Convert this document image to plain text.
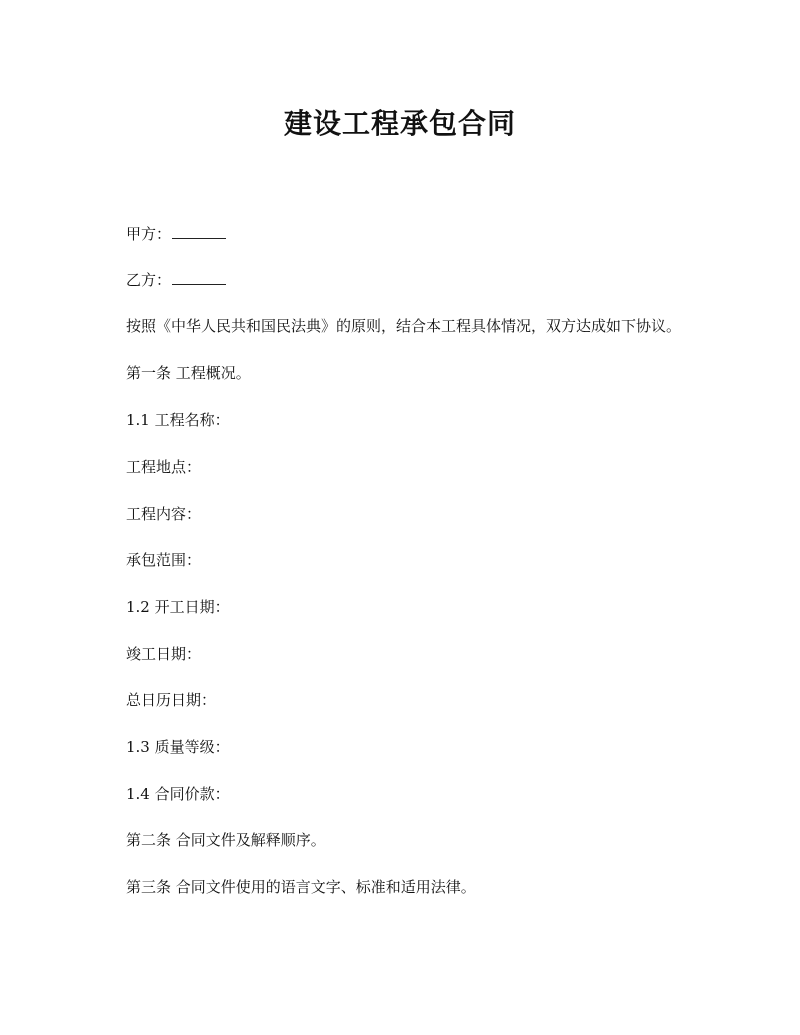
建设工程承包合同
甲方：
乙方：
按照《中华人民共和国民法典》的原则，结合本工程具体情况，双方达成如下协议。
第一条 工程概况。
1.1 工程名称：
工程地点：
工程内容：
承包范围：
1.2 开工日期：
竣工日期：
总日历日期：
1.3 质量等级：
1.4 合同价款：
第二条 合同文件及解释顺序。
第三条 合同文件使用的语言文字、标准和适用法律。
